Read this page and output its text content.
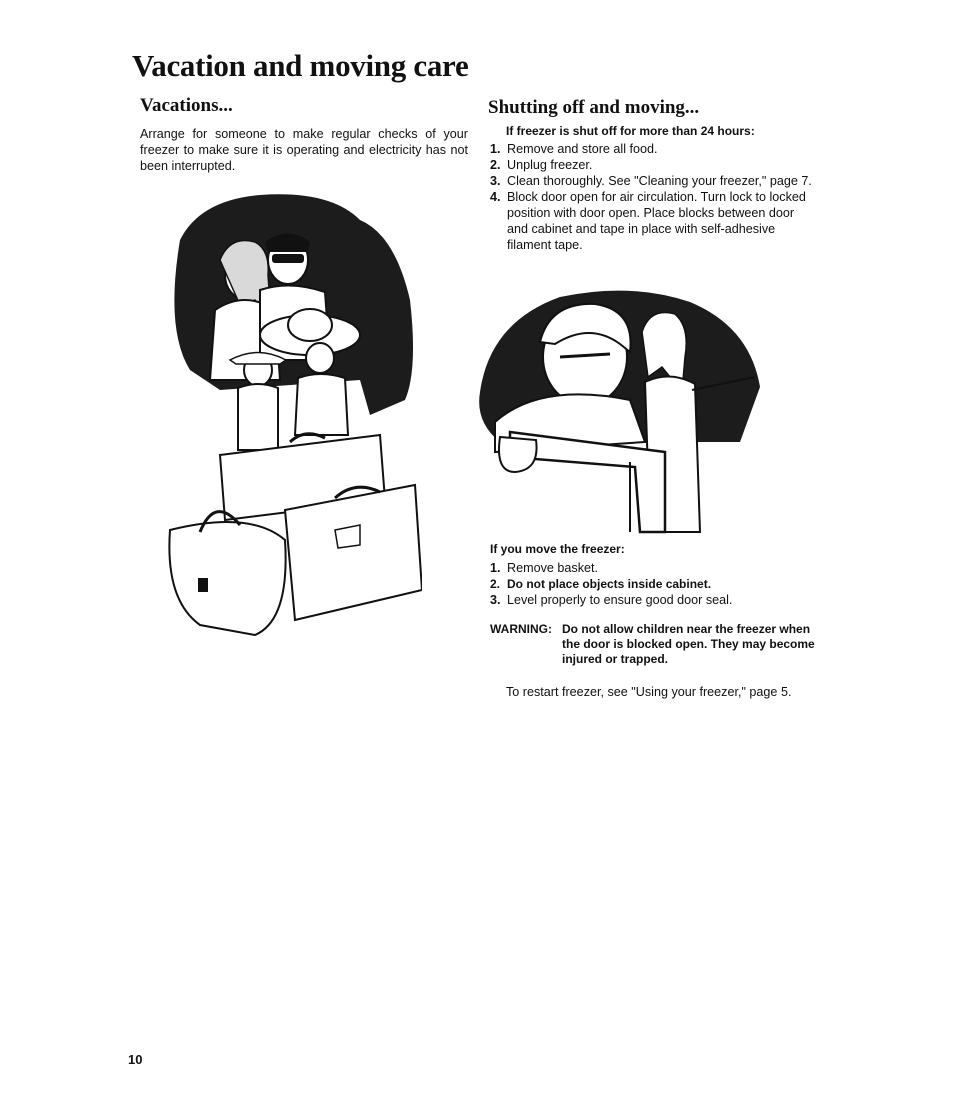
Vacation and moving care
Vacations...
Arrange for someone to make regular checks of your freezer to make sure it is operating and electricity has not been interrupted.
Shutting off and moving...
If freezer is shut off for more than 24 hours:
1. Remove and store all food.
2. Unplug freezer.
3. Clean thoroughly. See "Cleaning your freezer," page 7.
4. Block door open for air circulation. Turn lock to locked position with door open. Place blocks between door and cabinet and tape in place with self-adhesive filament tape.
If you move the freezer:
1. Remove basket.
2. Do not place objects inside cabinet.
3. Level properly to ensure good door seal.
WARNING: Do not allow children near the freezer when the door is blocked open. They may become injured or trapped.
To restart freezer, see "Using your freezer," page 5.
10
